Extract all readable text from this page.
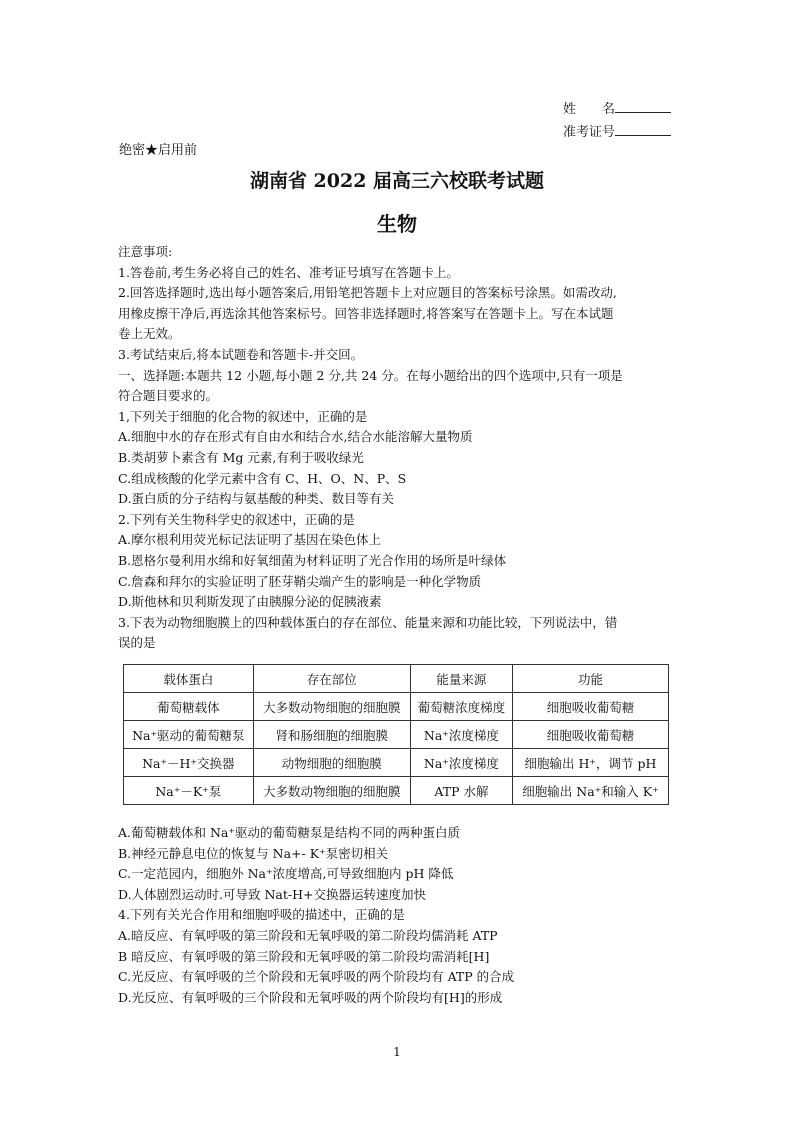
姓　　名
准考证号
绝密★启用前
湖南省 2022 届高三六校联考试题
生物

注意事项:

1.答卷前,考生务必将自己的姓名、准考证号填写在答题卡上。

2.回答选择题时,选出每小题答案后,用铅笔把答题卡上对应题目的答案标号涂黑。如需改动,

用橡皮擦干净后,再选涂其他答案标号。回答非选择题时,将答案写在答题卡上。写在本试题

卷上无效。

3.考试结束后,将本试题卷和答题卡-并交回。

一、选择题:本题共 12 小题,每小题 2 分,共 24 分。在每小题给出的四个选项中,只有一项是

符合题目要求的。

1,下列关于细胞的化合物的叙述中，正确的是

A.细胞中水的存在形式有自由水和结合水,结合水能溶解大量物质

B.类胡萝卜素含有 Mg 元素,有利于吸收绿光

C.组成核酸的化学元素中含有 C、H、O、N、P、S

D.蛋白质的分子结构与氨基酸的种类、数目等有关

2.下列有关生物科学史的叙述中，正确的是

A.摩尔根利用荧光标记法证明了基因在染色体上

B.恩格尔曼利用水绵和好氧细菌为材料证明了光合作用的场所是叶绿体

C.詹森和拜尔的实验证明了胚芽鞘尖端产生的影响是一种化学物质

D.斯他林和贝利斯发现了由胰腺分泌的促胰液素

3.下表为动物细胞膜上的四种载体蛋白的存在部位、能量来源和功能比较，下列说法中，错

误的是

载体蛋白	存在部位	能量来源	功能
葡萄糖载体	大多数动物细胞的细胞膜	葡萄糖浓度梯度	细胞吸收葡萄糖
Na⁺驱动的葡萄糖泵	肾和肠细胞的细胞膜	Na⁺浓度梯度	细胞吸收葡萄糖
Na⁺－H⁺交换器	动物细胞的细胞膜	Na⁺浓度梯度	细胞输出 H⁺，调节 pH
Na⁺－K⁺泵	大多数动物细胞的细胞膜	ATP 水解	细胞输出 Na⁺和输入 K⁺

A.葡萄糖载体和 Na⁺驱动的葡萄糖泵是结构不同的两种蛋白质

B.神经元静息电位的恢复与 Na+- K⁺泵密切相关

C.一定范园内，细胞外 Na⁺浓度增高,可导致细胞内 pH 降低

D.人体剧烈运动时.可导致 Nat-H+交换器运转速度加快

4.下列有关光合作用和细胞呼吸的描述中，正确的是

A.暗反应、有氧呼吸的第三阶段和无氧呼吸的第二阶段均儒消耗 ATP

B 暗反应、有氧呼吸的第三阶段和无氧呼吸的第二阶段均需消耗[H]

C.光反应、有氧呼吸的兰个阶段和无氧呼吸的两个阶段均有 ATP 的合成

D.光反应、有氧呼吸的三个阶段和无氧呼吸的两个阶段均有[H]的形成

1
